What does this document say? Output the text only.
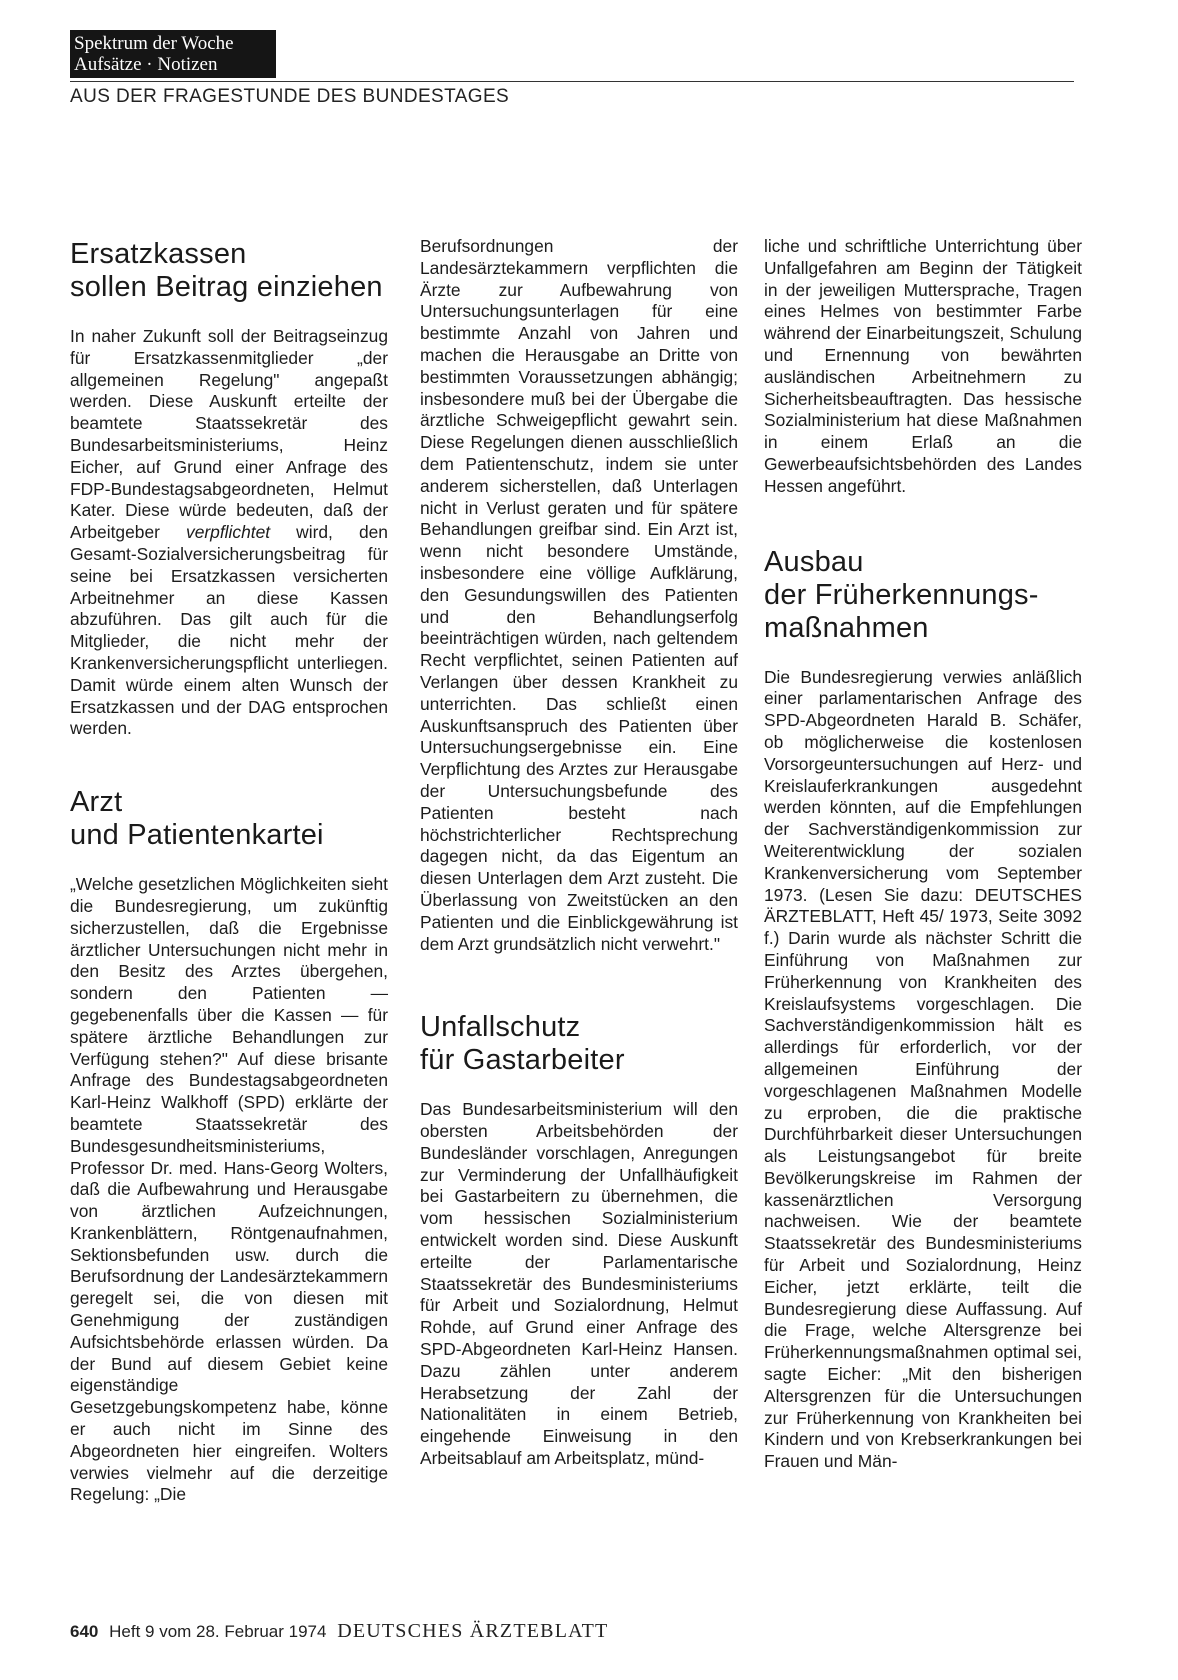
Spektrum der Woche
Aufsätze · Notizen
AUS DER FRAGESTUNDE DES BUNDESTAGES
Ersatzkassen
sollen Beitrag einziehen

In naher Zukunft soll der Beitragseinzug für Ersatzkassenmitglieder „der allgemeinen Regelung" angepaßt werden. Diese Auskunft erteilte der beamtete Staatssekretär des Bundesarbeitsministeriums, Heinz Eicher, auf Grund einer Anfrage des FDP-Bundestagsabgeordneten, Helmut Kater. Diese würde bedeuten, daß der Arbeitgeber verpflichtet wird, den Gesamt-Sozialversicherungsbeitrag für seine bei Ersatzkassen versicherten Arbeitnehmer an diese Kassen abzuführen. Das gilt auch für die Mitglieder, die nicht mehr der Krankenversicherungspflicht unterliegen. Damit würde einem alten Wunsch der Ersatzkassen und der DAG entsprochen werden.

Arzt
und Patientenkartei

„Welche gesetzlichen Möglichkeiten sieht die Bundesregierung, um zukünftig sicherzustellen, daß die Ergebnisse ärztlicher Untersuchungen nicht mehr in den Besitz des Arztes übergehen, sondern den Patienten — gegebenenfalls über die Kassen — für spätere ärztliche Behandlungen zur Verfügung stehen?" Auf diese brisante Anfrage des Bundestagsabgeordneten Karl-Heinz Walkhoff (SPD) erklärte der beamtete Staatssekretär des Bundesgesundheitsministeriums, Professor Dr. med. Hans-Georg Wolters, daß die Aufbewahrung und Herausgabe von ärztlichen Aufzeichnungen, Krankenblättern, Röntgenaufnahmen, Sektionsbefunden usw. durch die Berufsordnung der Landesärztekammern geregelt sei, die von diesen mit Genehmigung der zuständigen Aufsichtsbehörde erlassen würden. Da der Bund auf diesem Gebiet keine eigenständige Gesetzgebungskompetenz habe, könne er auch nicht im Sinne des Abgeordneten hier eingreifen. Wolters verwies vielmehr auf die derzeitige Regelung: „Die

Berufsordnungen der Landesärztekammern verpflichten die Ärzte zur Aufbewahrung von Untersuchungsunterlagen für eine bestimmte Anzahl von Jahren und machen die Herausgabe an Dritte von bestimmten Voraussetzungen abhängig; insbesondere muß bei der Übergabe die ärztliche Schweigepflicht gewahrt sein. Diese Regelungen dienen ausschließlich dem Patientenschutz, indem sie unter anderem sicherstellen, daß Unterlagen nicht in Verlust geraten und für spätere Behandlungen greifbar sind. Ein Arzt ist, wenn nicht besondere Umstände, insbesondere eine völlige Aufklärung, den Gesundungswillen des Patienten und den Behandlungserfolg beeinträchtigen würden, nach geltendem Recht verpflichtet, seinen Patienten auf Verlangen über dessen Krankheit zu unterrichten. Das schließt einen Auskunftsanspruch des Patienten über Untersuchungsergebnisse ein. Eine Verpflichtung des Arztes zur Herausgabe der Untersuchungsbefunde des Patienten besteht nach höchstrichterlicher Rechtsprechung dagegen nicht, da das Eigentum an diesen Unterlagen dem Arzt zusteht. Die Überlassung von Zweitstücken an den Patienten und die Einblickgewährung ist dem Arzt grundsätzlich nicht verwehrt."

Unfallschutz
für Gastarbeiter

Das Bundesarbeitsministerium will den obersten Arbeitsbehörden der Bundesländer vorschlagen, Anregungen zur Verminderung der Unfallhäufigkeit bei Gastarbeitern zu übernehmen, die vom hessischen Sozialministerium entwickelt worden sind. Diese Auskunft erteilte der Parlamentarische Staatssekretär des Bundesministeriums für Arbeit und Sozialordnung, Helmut Rohde, auf Grund einer Anfrage des SPD-Abgeordneten Karl-Heinz Hansen. Dazu zählen unter anderem Herabsetzung der Zahl der Nationalitäten in einem Betrieb, eingehende Einweisung in den Arbeitsablauf am Arbeitsplatz, münd-

liche und schriftliche Unterrichtung über Unfallgefahren am Beginn der Tätigkeit in der jeweiligen Muttersprache, Tragen eines Helmes von bestimmter Farbe während der Einarbeitungszeit, Schulung und Ernennung von bewährten ausländischen Arbeitnehmern zu Sicherheitsbeauftragten. Das hessische Sozialministerium hat diese Maßnahmen in einem Erlaß an die Gewerbeaufsichtsbehörden des Landes Hessen angeführt.

Ausbau
der Früherkennungs-
maßnahmen

Die Bundesregierung verwies anläßlich einer parlamentarischen Anfrage des SPD-Abgeordneten Harald B. Schäfer, ob möglicherweise die kostenlosen Vorsorgeuntersuchungen auf Herz- und Kreislauferkrankungen ausgedehnt werden könnten, auf die Empfehlungen der Sachverständigenkommission zur Weiterentwicklung der sozialen Krankenversicherung vom September 1973. (Lesen Sie dazu: DEUTSCHES ÄRZTEBLATT, Heft 45/ 1973, Seite 3092 f.) Darin wurde als nächster Schritt die Einführung von Maßnahmen zur Früherkennung von Krankheiten des Kreislaufsystems vorgeschlagen. Die Sachverständigenkommission hält es allerdings für erforderlich, vor der allgemeinen Einführung der vorgeschlagenen Maßnahmen Modelle zu erproben, die die praktische Durchführbarkeit dieser Untersuchungen als Leistungsangebot für breite Bevölkerungskreise im Rahmen der kassenärztlichen Versorgung nachweisen. Wie der beamtete Staatssekretär des Bundesministeriums für Arbeit und Sozialordnung, Heinz Eicher, jetzt erklärte, teilt die Bundesregierung diese Auffassung. Auf die Frage, welche Altersgrenze bei Früherkennungsmaßnahmen optimal sei, sagte Eicher: „Mit den bisherigen Altersgrenzen für die Untersuchungen zur Früherkennung von Krankheiten bei Kindern und von Krebserkrankungen bei Frauen und Män-

640 Heft 9 vom 28. Februar 1974 DEUTSCHES ÄRZTEBLATT
